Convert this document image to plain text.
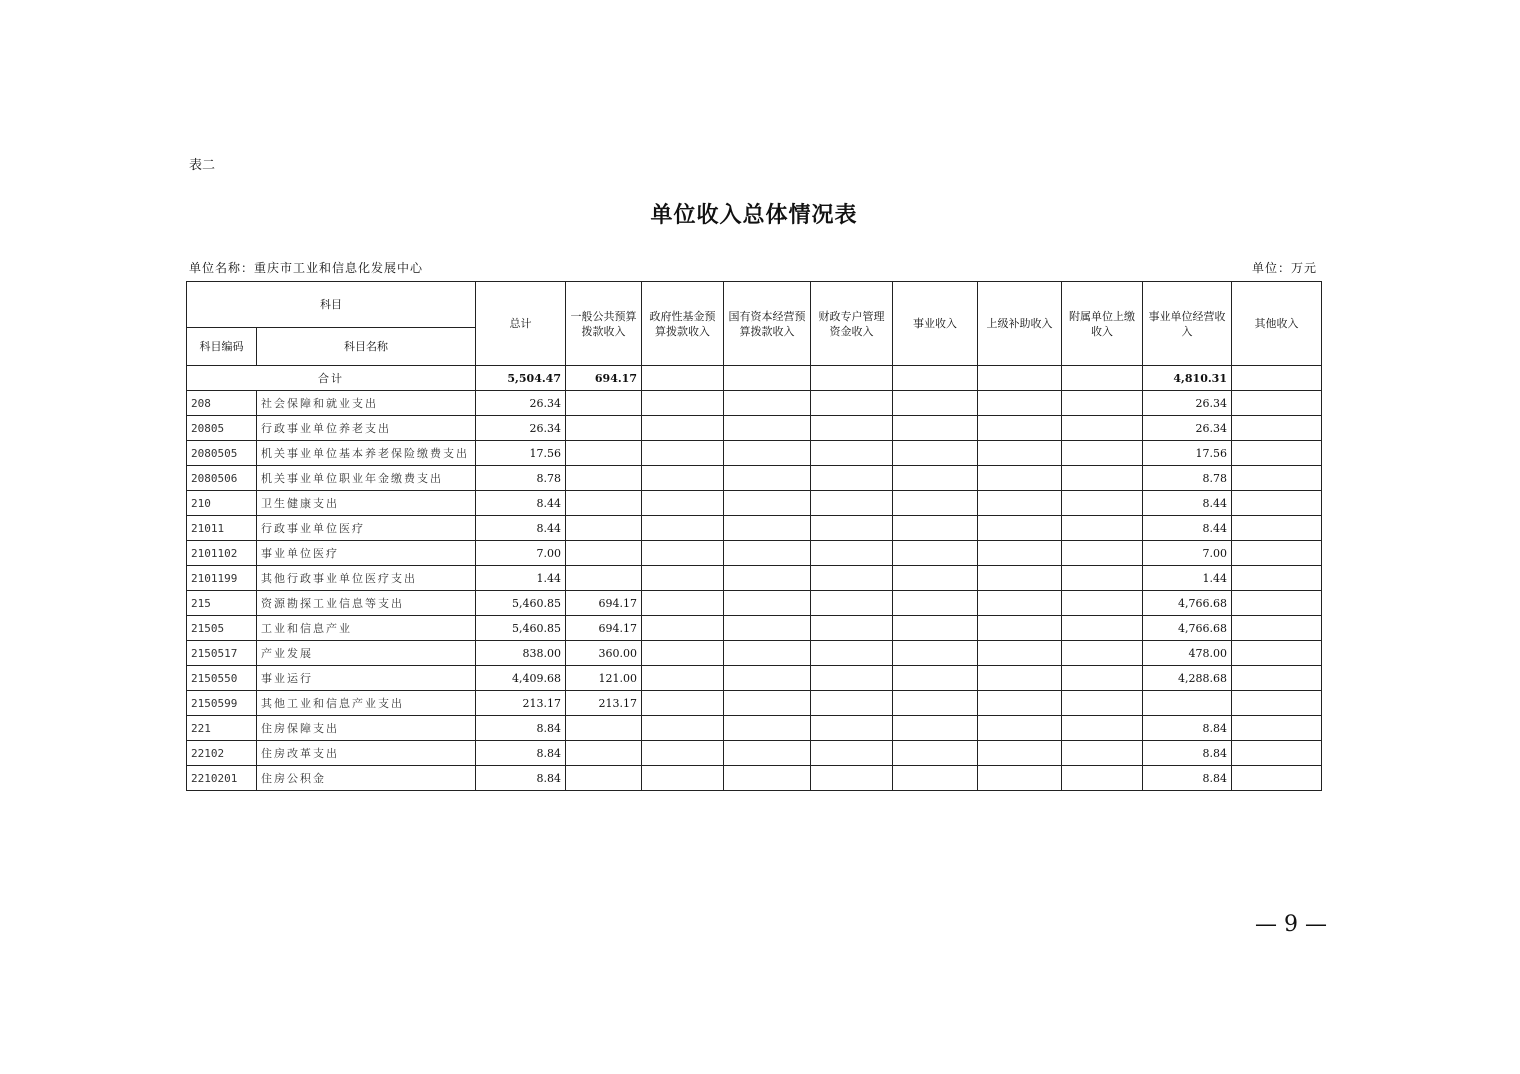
表二
单位收入总体情况表
单位名称：重庆市工业和信息化发展中心	单位：万元
科目		总计	一般公共预算拨款收入	政府性基金预算拨款收入	国有资本经营预算拨款收入	财政专户管理资金收入	事业收入	上级补助收入	附属单位上缴收入	事业单位经营收入	其他收入
科目编码	科目名称										
合计		5,504.47	694.17							4,810.31	
208	社会保障和就业支出	26.34								26.34	
20805	行政事业单位养老支出	26.34								26.34	
2080505	机关事业单位基本养老保险缴费支出	17.56								17.56	
2080506	机关事业单位职业年金缴费支出	8.78								8.78	
210	卫生健康支出	8.44								8.44	
21011	行政事业单位医疗	8.44								8.44	
2101102	事业单位医疗	7.00								7.00	
2101199	其他行政事业单位医疗支出	1.44								1.44	
215	资源勘探工业信息等支出	5,460.85	694.17							4,766.68	
21505	工业和信息产业	5,460.85	694.17							4,766.68	
2150517	产业发展	838.00	360.00							478.00	
2150550	事业运行	4,409.68	121.00							4,288.68	
2150599	其他工业和信息产业支出	213.17	213.17								
221	住房保障支出	8.84								8.84	
22102	住房改革支出	8.84								8.84	
2210201	住房公积金	8.84								8.84	
— 9 —
